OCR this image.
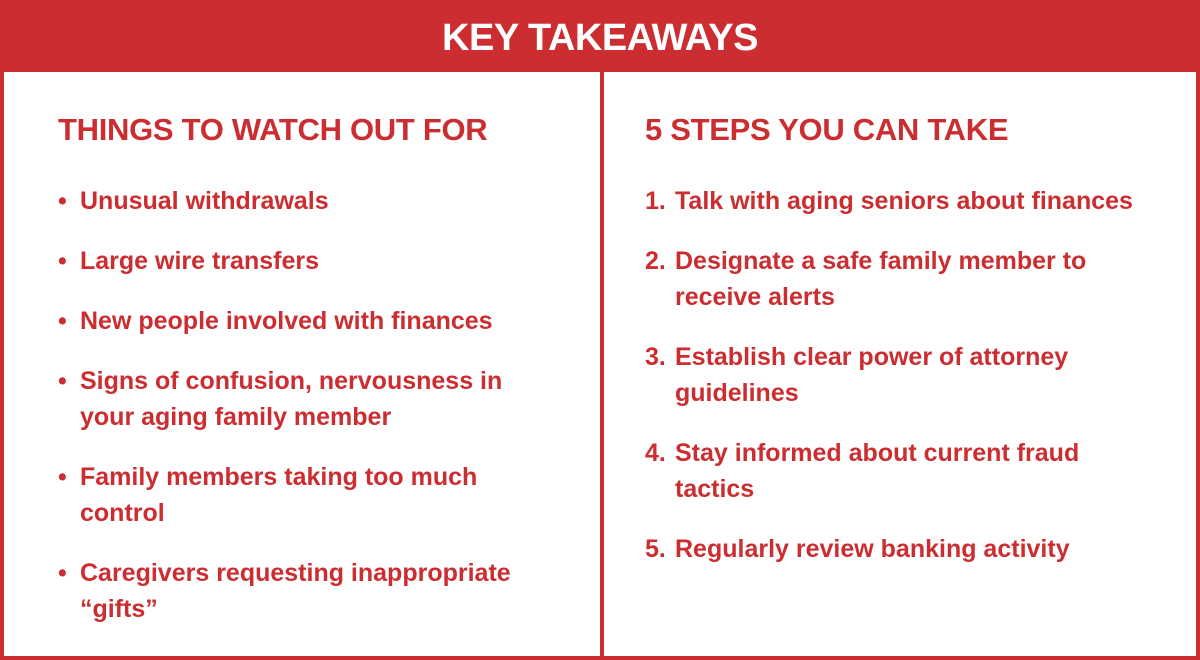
KEY TAKEAWAYS
THINGS TO WATCH OUT FOR
• Unusual withdrawals
• Large wire transfers
• New people involved with finances
• Signs of confusion, nervousness in your aging family member
• Family members taking too much control
• Caregivers requesting inappropriate “gifts”
5 STEPS YOU CAN TAKE
1. Talk with aging seniors about finances
2. Designate a safe family member to receive alerts
3. Establish clear power of attorney guidelines
4. Stay informed about current fraud tactics
5. Regularly review banking activity
